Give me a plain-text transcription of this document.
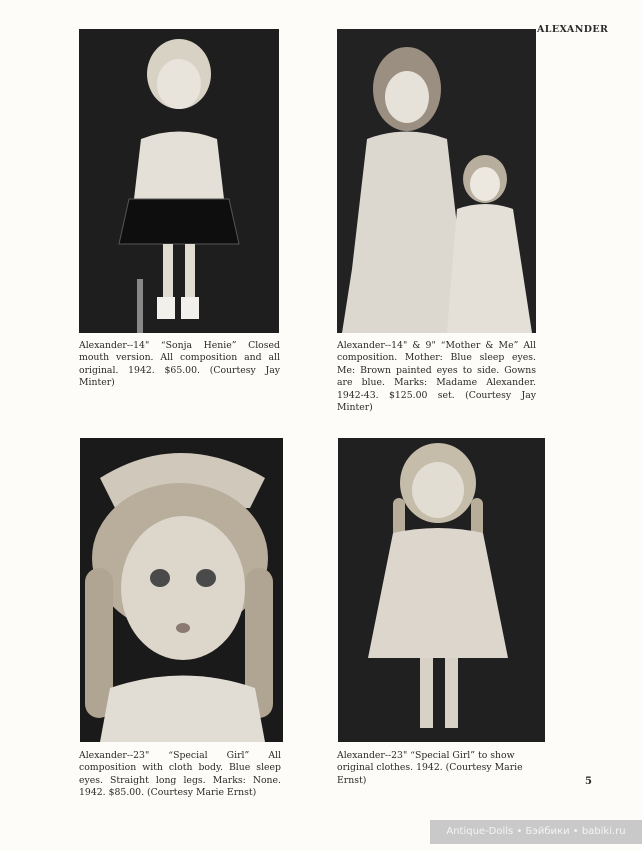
ALEXANDER
Alexander--14" “Sonja Henie” Closed mouth version. All composition and all original. 1942. $65.00. (Courtesy Jay Minter)
Alexander--14" & 9" “Mother & Me” All composition. Mother: Blue sleep eyes. Me: Brown painted eyes to side. Gowns are blue. Marks: Madame Alexander. 1942-43. $125.00 set. (Courtesy Jay Minter)
Alexander--23" “Special Girl” All composition with cloth body. Blue sleep eyes. Straight long legs. Marks: None. 1942. $85.00. (Courtesy Marie Ernst)
Alexander--23" “Special Girl” to show original clothes. 1942. (Courtesy Marie Ernst)	5
Antique-Dolls • Бэйбики • babiki.ru
